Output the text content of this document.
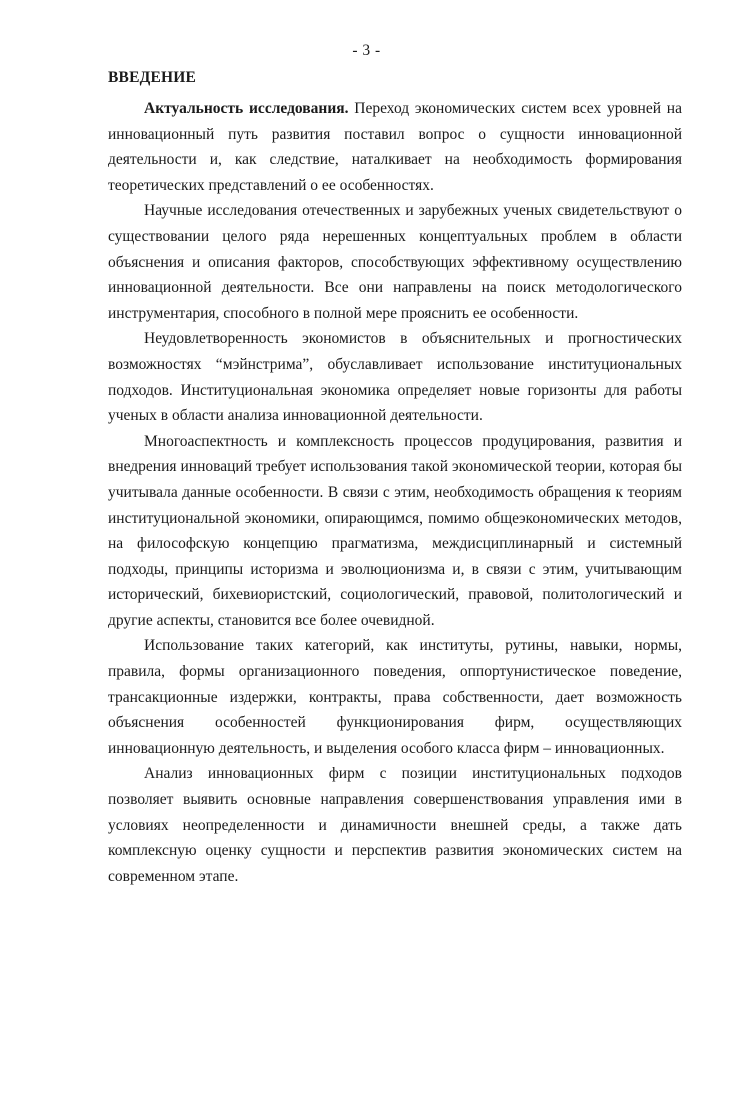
- 3 -
ВВЕДЕНИЕ

Актуальность исследования. Переход экономических систем всех уровней на инновационный путь развития поставил вопрос о сущности инновационной деятельности и, как следствие, наталкивает на необходимость формирования теоретических представлений о ее особенностях.

Научные исследования отечественных и зарубежных ученых свидетельствуют о существовании целого ряда нерешенных концептуальных проблем в области объяснения и описания факторов, способствующих эффективному осуществлению инновационной деятельности. Все они направлены на поиск методологического инструментария, способного в полной мере прояснить ее особенности.

Неудовлетворенность экономистов в объяснительных и прогностических возможностях “мэйнстрима”, обуславливает использование институциональных подходов. Институциональная экономика определяет новые горизонты для работы ученых в области анализа инновационной деятельности.

Многоаспектность и комплексность процессов продуцирования, развития и внедрения инноваций требует использования такой экономической теории, которая бы учитывала данные особенности. В связи с этим, необходимость обращения к теориям институциональной экономики, опирающимся, помимо общеэкономических методов, на философскую концепцию прагматизма, междисциплинарный и системный подходы, принципы историзма и эволюционизма и, в связи с этим, учитывающим исторический, бихевиористский, социологический, правовой, политологический и другие аспекты, становится все более очевидной.

Использование таких категорий, как институты, рутины, навыки, нормы, правила, формы организационного поведения, оппортунистическое поведение, трансакционные издержки, контракты, права собственности, дает возможность объяснения особенностей функционирования фирм, осуществляющих инновационную деятельность, и выделения особого класса фирм – инновационных.

Анализ инновационных фирм с позиции институциональных подходов позволяет выявить основные направления совершенствования управления ими в условиях неопределенности и динамичности внешней среды, а также дать комплексную оценку сущности и перспектив развития экономических систем на современном этапе.
